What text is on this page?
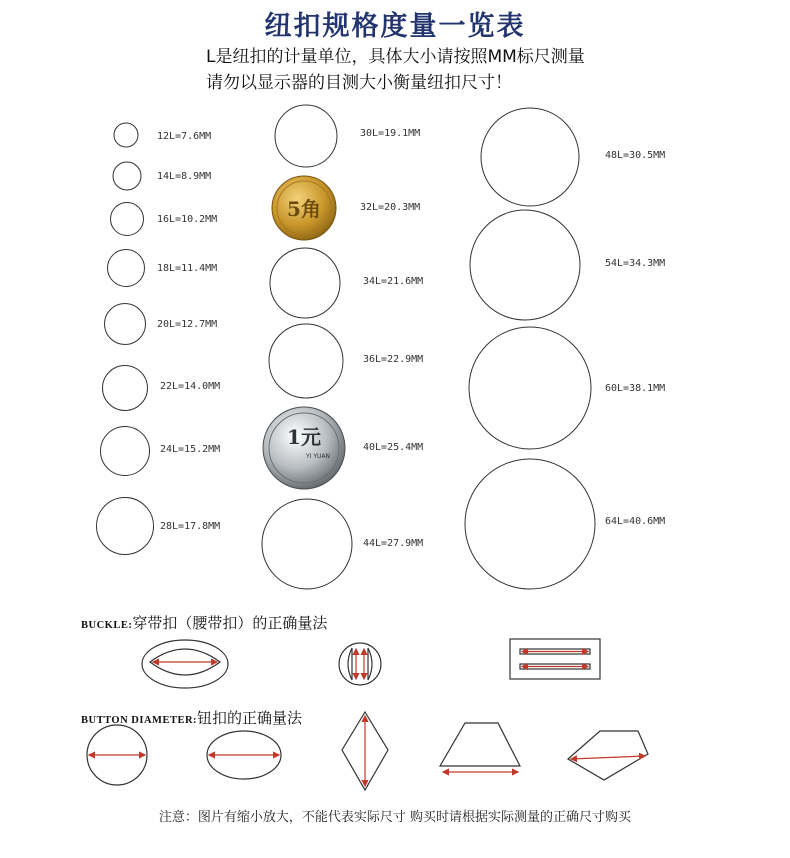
纽扣规格度量一览表
L是纽扣的计量单位，具体大小请按照MM标尺测量
请勿以显示器的目测大小衡量纽扣尺寸！
5角
1元
YI YUAN
12L=7.6MM
14L=8.9MM
16L=10.2MM
18L=11.4MM
20L=12.7MM
22L=14.0MM
24L=15.2MM
28L=17.8MM
30L=19.1MM
32L=20.3MM
34L=21.6MM
36L=22.9MM
40L=25.4MM
44L=27.9MM
48L=30.5MM
54L=34.3MM
60L=38.1MM
64L=40.6MM
BUCKLE:穿带扣（腰带扣）的正确量法
BUTTON DIAMETER:钮扣的正确量法
注意：图片有缩小放大，不能代表实际尺寸 购买时请根据实际测量的正确尺寸购买
